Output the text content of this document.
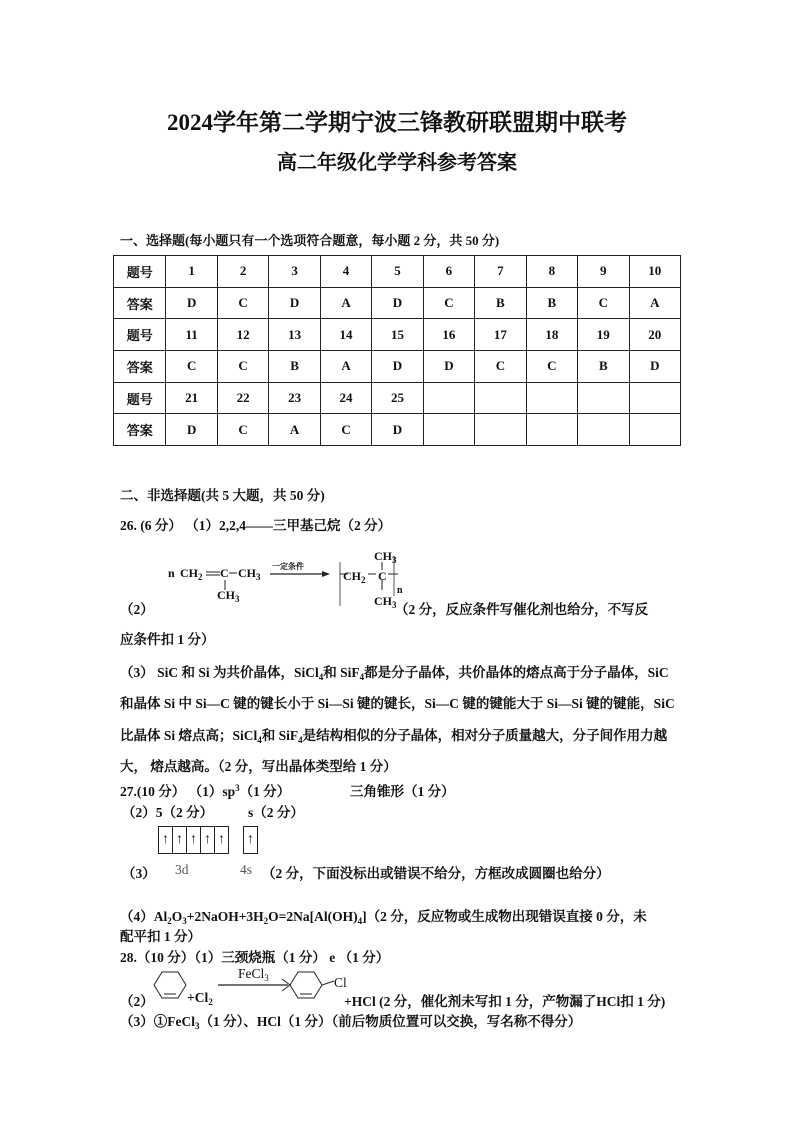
2024学年第二学期宁波三锋教研联盟期中联考
高二年级化学学科参考答案
一、选择题(每小题只有一个选项符合题意，每小题 2 分，共 50 分)
题号	1	2	3	4	5	6	7	8	9	10
答案	D	C	D	A	D	C	B	B	C	A
题号	11	12	13	14	15	16	17	18	19	20
答案	C	C	B	A	D	D	C	C	B	D
题号	21	22	23	24	25					
答案	D	C	A	C	D					
二、非选择题(共 5 大题，共 50 分)
26. (6 分） （1）2,2,4——三甲基己烷（2 分）
n $CH_2$ C $CH_3$
$CH_3$
一定条件
$CH_2$ C
$CH_3$
$CH_3$
n
（2）	（2 分，反应条件写催化剂也给分，不写反
应条件扣 1 分）
（3） SiC 和 Si 为共价晶体，SiCl$_4$和 SiF$_4$都是分子晶体，共价晶体的熔点高于分子晶体，SiC 和晶体 Si 中 Si—C 键的键长小于 Si—Si 键的键长，Si—C 键的键能大于 Si—Si 键的键能，SiC 比晶体 Si 熔点高；SiCl$_4$和 SiF$_4$是结构相似的分子晶体，相对分子质量越大，分子间作用力越大， 熔点越高。（2 分，写出晶体类型给 1 分）
27.(10 分） $(1)sp^3(1$ 分）	三角锥形（1 分）
（2）5（2 分）	s（2 分）
↑ ↑ ↑ ↑ ↑ ↑
（3） 3d	4s （2 分，下面没标出或错误不给分，方框改成圆圈也给分）
$(4)Al_2O_3+2NaOH+3H_2O=2Na[Al(OH)_4](2$ 分，反应物或生成物出现错误直接 0 分，未
配平扣 1 分）
28.（10 分）（1）三颈烧瓶（1 分） e （1 分）
$(2) +Cl_2$
FeCl$_3$	Cl
+HCl (2 分，催化剂未写扣 1 分，产物漏了HCl扣 1 分)
（3）①FeCl$_3$（1 分）、HCl（1 分）（前后物质位置可以交换，写名称不得分）
